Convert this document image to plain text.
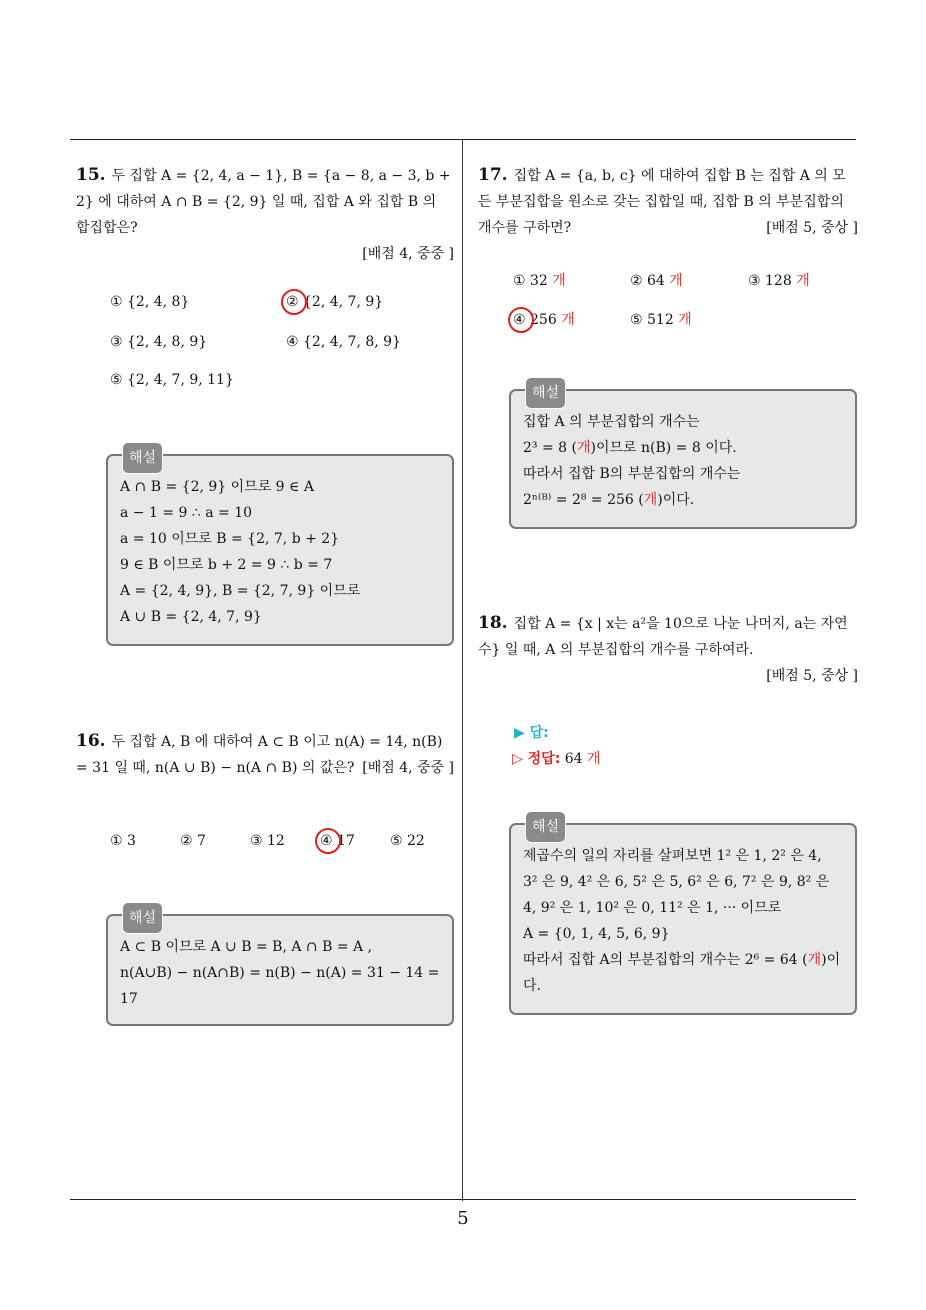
5
15. 두 집합 A = {2, 4, a − 1}, B = {a − 8, a − 3, b + 2} 에 대하여 A ∩ B = {2, 9} 일 때, 집합 A 와 집합 B 의 합집합은?
[배점 4, 중중 ]
① {2, 4, 8}	② {2, 4, 7, 9}
③ {2, 4, 8, 9}	④ {2, 4, 7, 8, 9}
⑤ {2, 4, 7, 9, 11}
해설
A ∩ B = {2, 9} 이므로 9 ∈ A
a − 1 = 9 ∴ a = 10
a = 10 이므로 B = {2, 7, b + 2}
9 ∈ B 이므로 b + 2 = 9 ∴ b = 7
A = {2, 4, 9}, B = {2, 7, 9} 이므로
A ∪ B = {2, 4, 7, 9}
16. 두 집합 A, B 에 대하여 A ⊂ B 이고 n(A) = 14, n(B) = 31 일 때, n(A ∪ B) − n(A ∩ B) 의 값은? [배점 4, 중중 ]
① 3	② 7	③ 12	④ 17	⑤ 22
해설
A ⊂ B 이므로 A ∪ B = B, A ∩ B = A ,
n(A∪B) − n(A∩B) = n(B) − n(A) = 31 − 14 =
17
17. 집합 A = {a, b, c} 에 대하여 집합 B 는 집합 A 의 모든 부분집합을 원소로 갖는 집합일 때, 집합 B 의 부분집합의 개수를 구하면?	[배점 5, 중상 ]
① 32 개	② 64 개	③ 128 개
④ 256 개	⑤ 512 개
해설
집합 A 의 부분집합의 개수는
2³ = 8 (개)이므로 n(B) = 8 이다.
따라서 집합 B의 부분집합의 개수는
2ⁿ⁽ᴮ⁾ = 2⁸ = 256 (개)이다.
18. 집합 A = {x | x는 a²을 10으로 나눈 나머지, a는 자연수} 일 때, A 의 부분집합의 개수를 구하여라.
[배점 5, 중상 ]
▶ 답:
▷ 정답: 64 개
해설
제곱수의 일의 자리를 살펴보면 1² 은 1, 2² 은 4,
3² 은 9, 4² 은 6, 5² 은 5, 6² 은 6, 7² 은 9, 8² 은
4, 9² 은 1, 10² 은 0, 11² 은 1, ··· 이므로
A = {0, 1, 4, 5, 6, 9}
따라서 집합 A의 부분집합의 개수는 2⁶ = 64 (개)이다.
